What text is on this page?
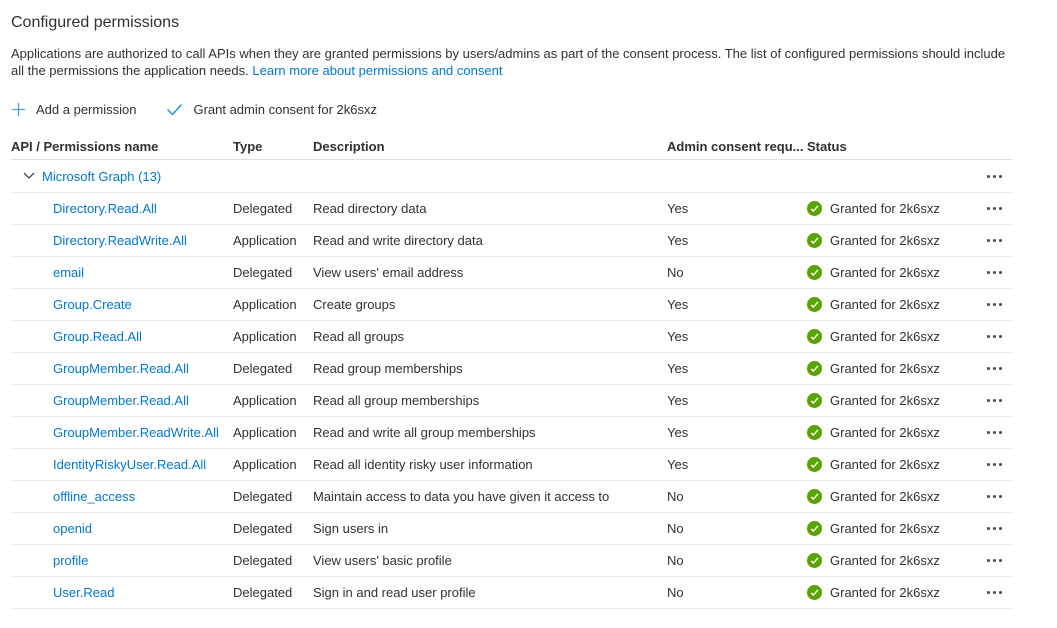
Configured permissions

Applications are authorized to call APIs when they are granted permissions by users/admins as part of the consent process. The list of configured permissions should include all the permissions the application needs. Learn more about permissions and consent

Add a permission	Grant admin consent for 2k6sxz
API / Permissions name	Type	Description	Admin consent requ... Status
Microsoft Graph (13)
Directory.Read.All	Delegated	Read directory data	Yes	Granted for 2k6sxz
Directory.ReadWrite.All	Application	Read and write directory data	Yes	Granted for 2k6sxz
email	Delegated	View users' email address	No	Granted for 2k6sxz
Group.Create	Application	Create groups	Yes	Granted for 2k6sxz
Group.Read.All	Application	Read all groups	Yes	Granted for 2k6sxz
GroupMember.Read.All	Delegated	Read group memberships	Yes	Granted for 2k6sxz
GroupMember.Read.All	Application	Read all group memberships	Yes	Granted for 2k6sxz
GroupMember.ReadWrite.All	Application	Read and write all group memberships	Yes	Granted for 2k6sxz
IdentityRiskyUser.Read.All	Application	Read all identity risky user information	Yes	Granted for 2k6sxz
offline_access	Delegated	Maintain access to data you have given it access to	No	Granted for 2k6sxz
openid	Delegated	Sign users in	No	Granted for 2k6sxz
profile	Delegated	View users' basic profile	No	Granted for 2k6sxz
User.Read	Delegated	Sign in and read user profile	No	Granted for 2k6sxz
